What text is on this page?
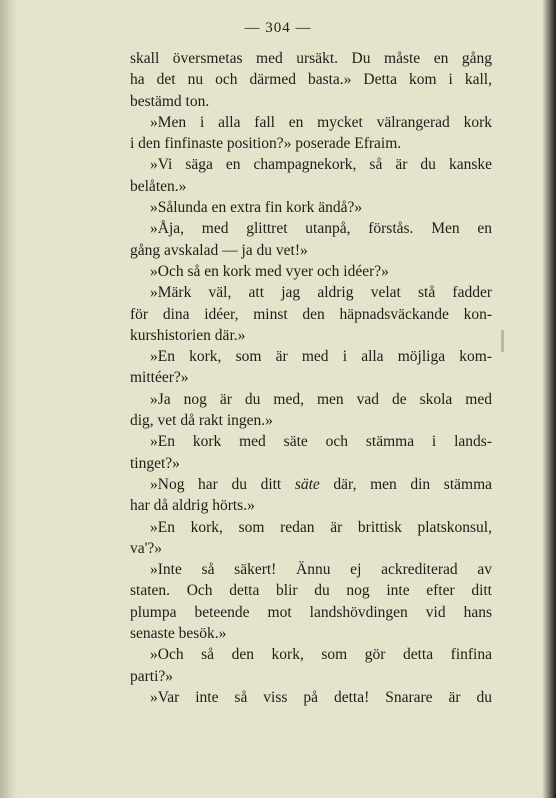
— 304 —
skall översmetas med ursäkt. Du måste en gång
ha det nu och därmed basta.» Detta kom i kall,
bestämd ton.
»Men i alla fall en mycket välrangerad kork
i den finfinaste position?» poserade Efraim.
»Vi säga en champagnekork, så är du kanske
belåten.»
»Sålunda en extra fin kork ändå?»
»Åja, med glittret utanpå, förstås. Men en
gång avskalad — ja du vet!»
»Och så en kork med vyer och idéer?»
»Märk väl, att jag aldrig velat stå fadder
för dina idéer, minst den häpnadsväckande kon-
kurshistorien där.»
»En kork, som är med i alla möjliga kom-
mittéer?»
»Ja nog är du med, men vad de skola med
dig, vet då rakt ingen.»
»En kork med säte och stämma i lands-
tinget?»
»Nog har du ditt säte där, men din stämma
har då aldrig hörts.»
»En kork, som redan är brittisk platskonsul,
va'?»
»Inte så säkert! Ännu ej ackrediterad av
staten. Och detta blir du nog inte efter ditt
plumpa beteende mot landshövdingen vid hans
senaste besök.»
»Och så den kork, som gör detta finfina
parti?»
»Var inte så viss på detta! Snarare är du
